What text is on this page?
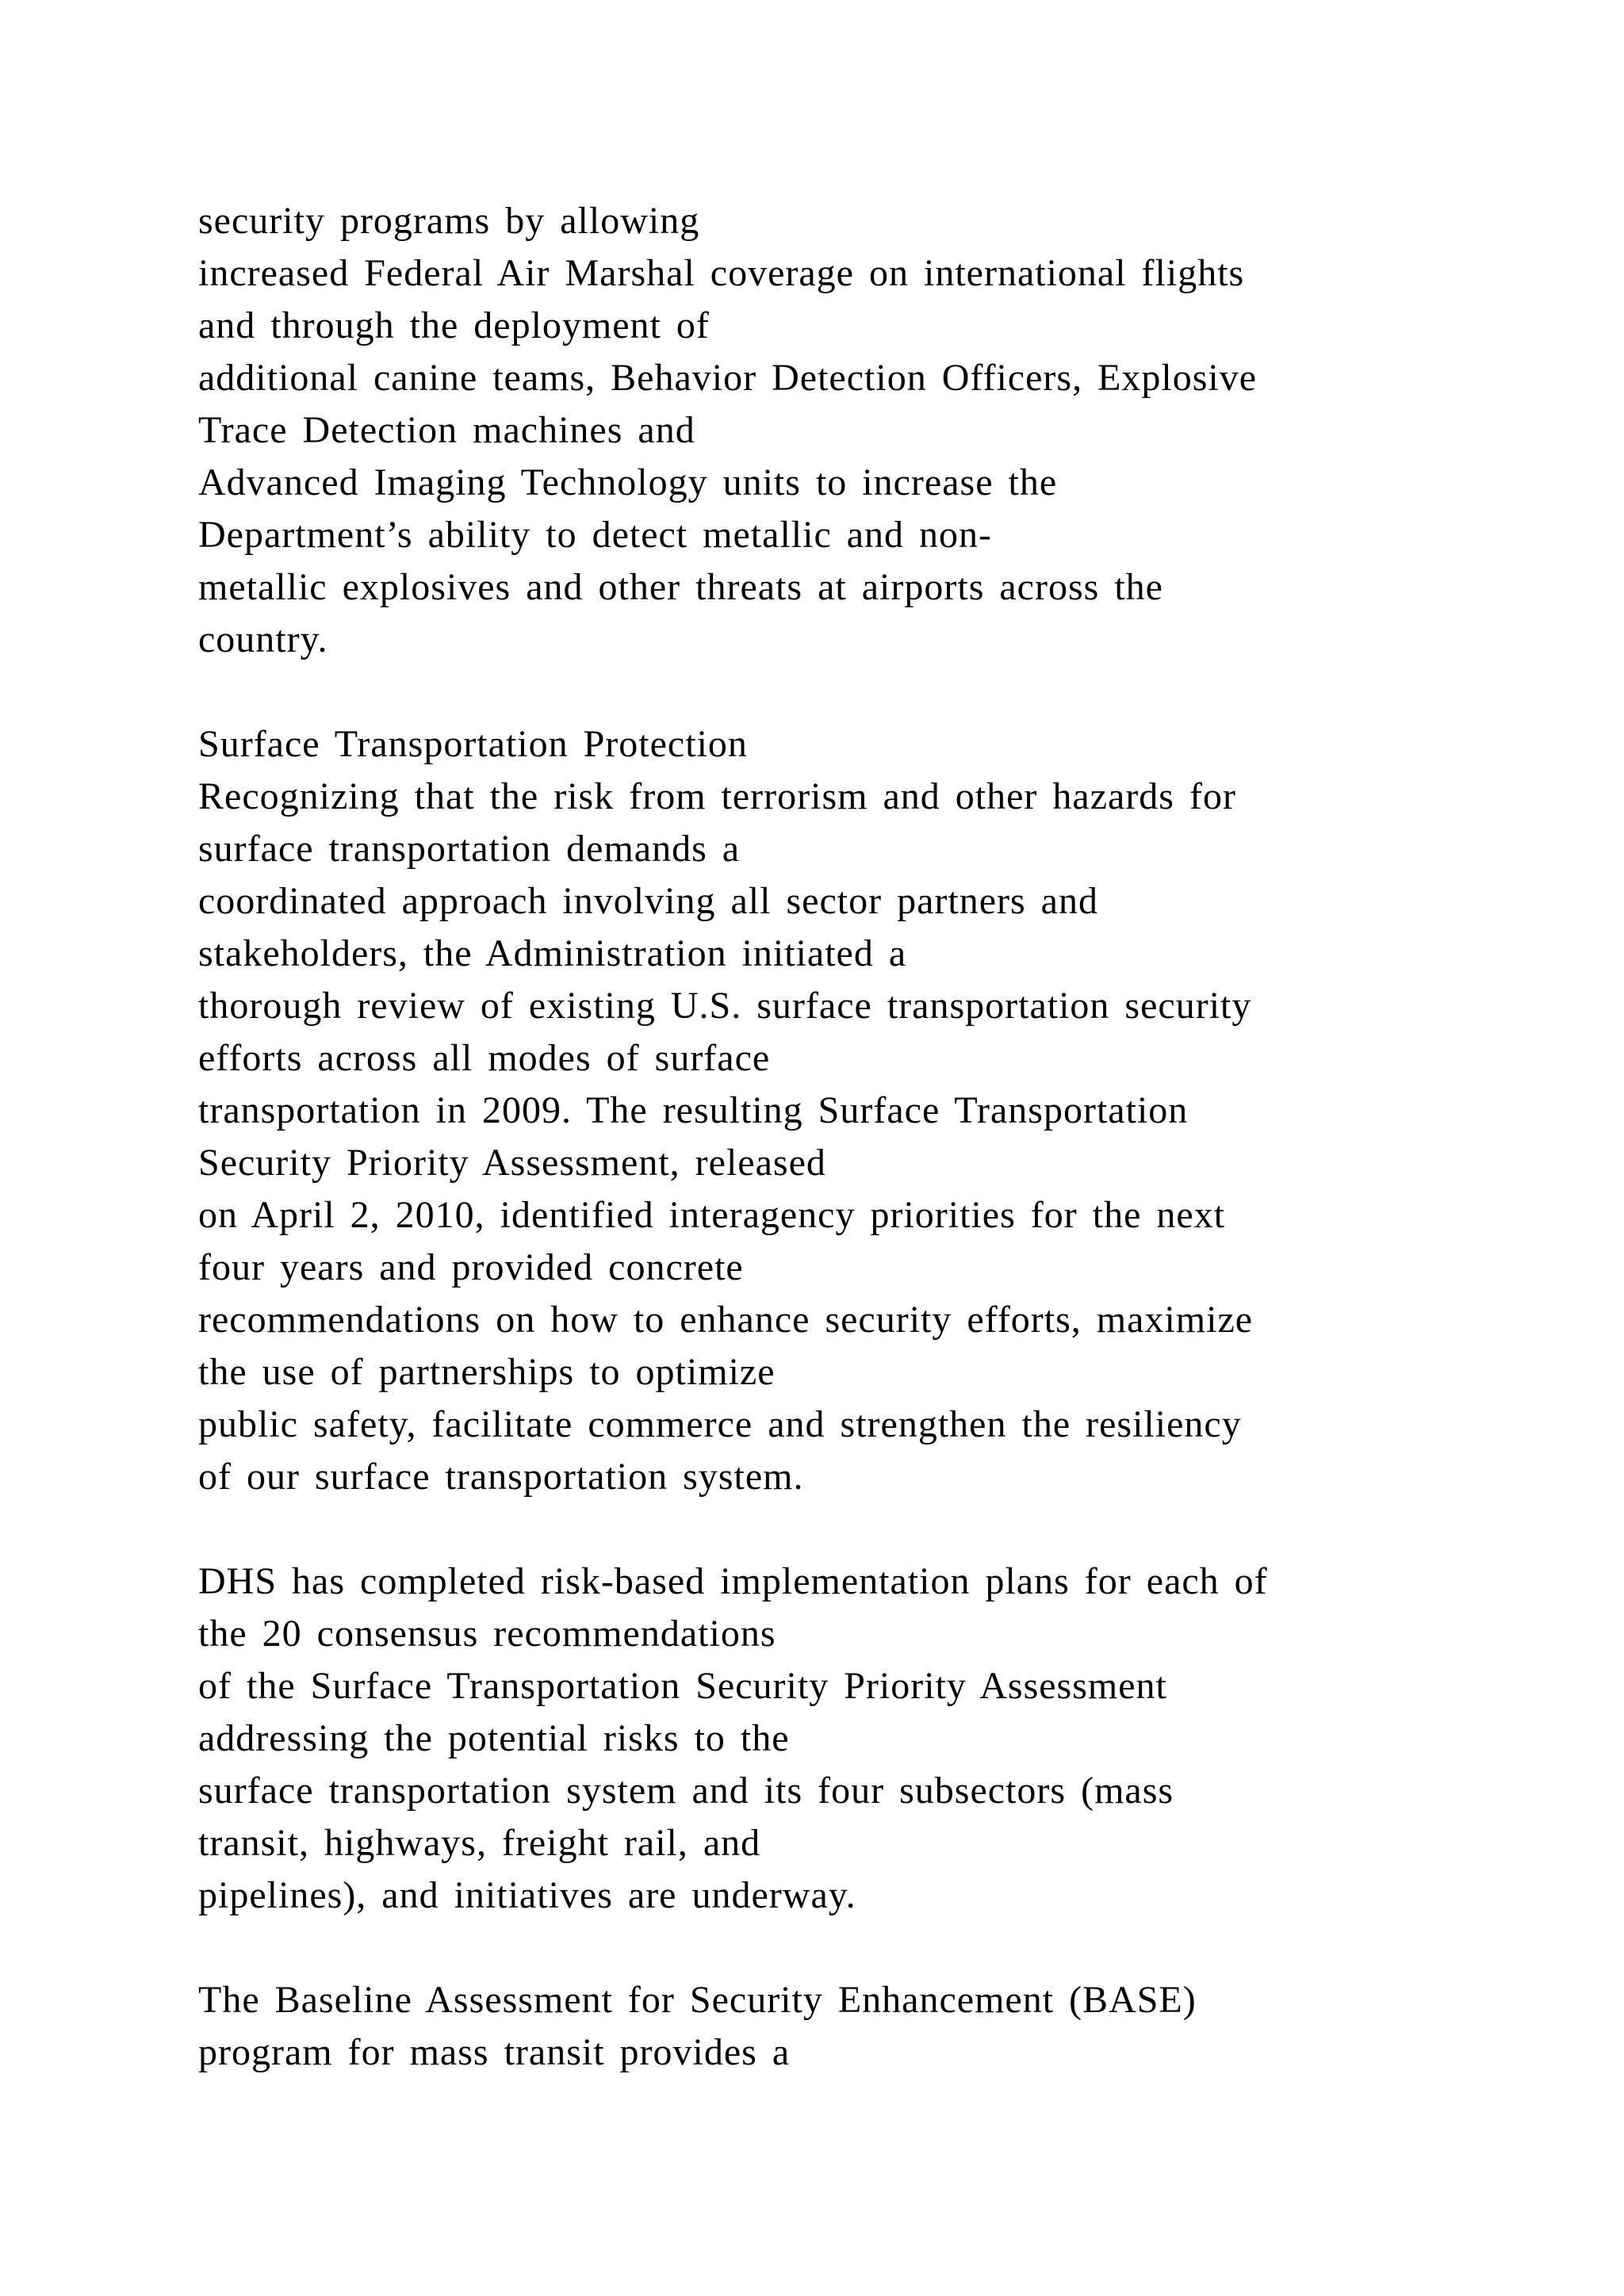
security programs by allowing
increased Federal Air Marshal coverage on international flights
and through the deployment of
additional canine teams, Behavior Detection Officers, Explosive
Trace Detection machines and
Advanced Imaging Technology units to increase the
Department’s ability to detect metallic and non-
metallic explosives and other threats at airports across the
country.
Surface Transportation Protection
Recognizing that the risk from terrorism and other hazards for
surface transportation demands a
coordinated approach involving all sector partners and
stakeholders, the Administration initiated a
thorough review of existing U.S. surface transportation security
efforts across all modes of surface
transportation in 2009. The resulting Surface Transportation
Security Priority Assessment, released
on April 2, 2010, identified interagency priorities for the next
four years and provided concrete
recommendations on how to enhance security efforts, maximize
the use of partnerships to optimize
public safety, facilitate commerce and strengthen the resiliency
of our surface transportation system.
DHS has completed risk-based implementation plans for each of
the 20 consensus recommendations
of the Surface Transportation Security Priority Assessment
addressing the potential risks to the
surface transportation system and its four subsectors (mass
transit, highways, freight rail, and
pipelines), and initiatives are underway.
The Baseline Assessment for Security Enhancement (BASE)
program for mass transit provides a
